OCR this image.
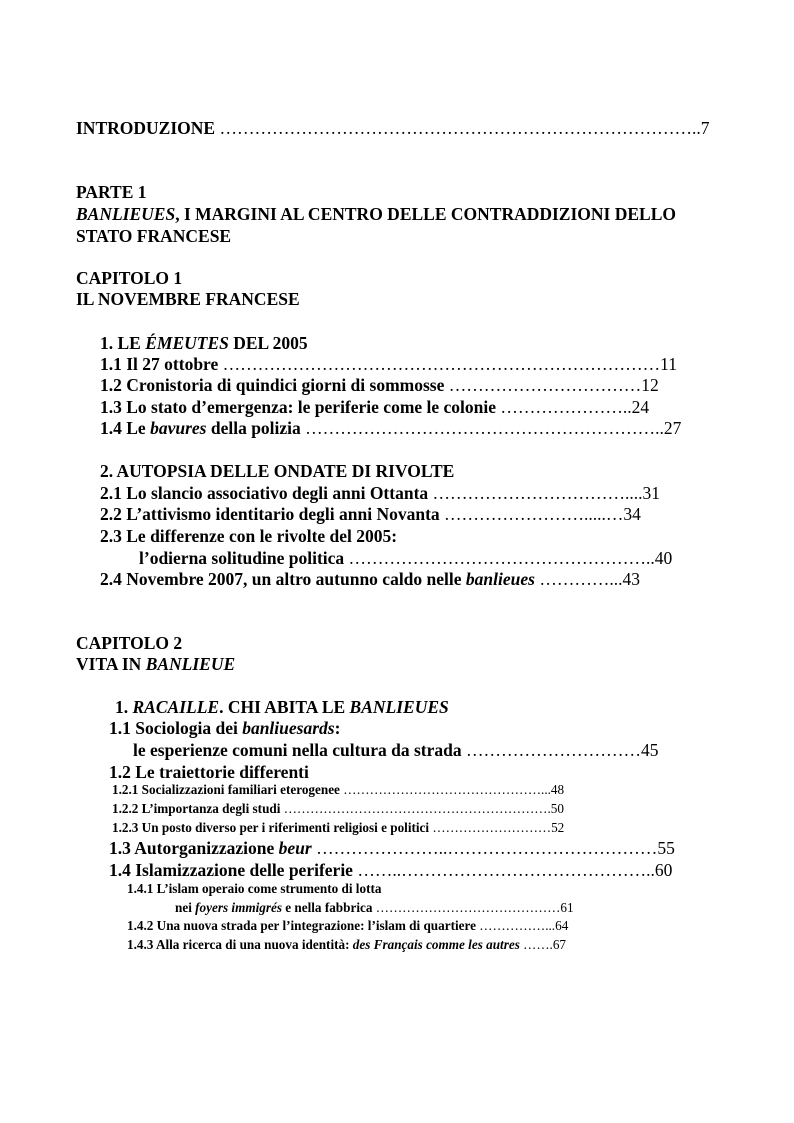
INTRODUZIONE ………………………………………………………………………..7
PARTE 1
BANLIEUES, I MARGINI AL CENTRO DELLE CONTRADDIZIONI DELLO
STATO FRANCESE
CAPITOLO 1
IL NOVEMBRE FRANCESE
1. LE ÉMEUTES DEL 2005
1.1 Il 27 ottobre …………………………………………………………………11
1.2 Cronistoria di quindici giorni di sommosse ……………………………12
1.3 Lo stato d’emergenza: le periferie come le colonie …………………..24
1.4 Le bavures della polizia ……………………………………………………..27
2. AUTOPSIA DELLE ONDATE DI RIVOLTE
2.1 Lo slancio associativo degli anni Ottanta ……………………………....31
2.2 L’attivismo identitario degli anni Novanta …………………….....…34
2.3 Le differenze con le rivolte del 2005:
l’odierna solitudine politica ……………………………………………..40
2.4 Novembre 2007, un altro autunno caldo nelle banlieues …………...43
CAPITOLO 2
VITA IN BANLIEUE
1. RACAILLE. CHI ABITA LE BANLIEUES
1.1 Sociologia dei banliuesards:
le esperienze comuni nella cultura da strada …………………………45
1.2 Le traiettorie differenti
1.2.1 Socializzazioni familiari eterogenee ………………………………………...48
1.2.2 L’importanza degli studi …………………………………………………….50
1.2.3 Un posto diverso per i riferimenti religiosi e politici ………………………52
1.3 Autorganizzazione beur …………………..………………………………55
1.4 Islamizzazione delle periferie ……..……………………………………..60
1.4.1 L’islam operaio come strumento di lotta
nei foyers immigrés e nella fabbrica ……………………………………61
1.4.2 Una nuova strada per l’integrazione: l’islam di quartiere ……………...64
1.4.3 Alla ricerca di una nuova identità: des Français comme les autres …….67
